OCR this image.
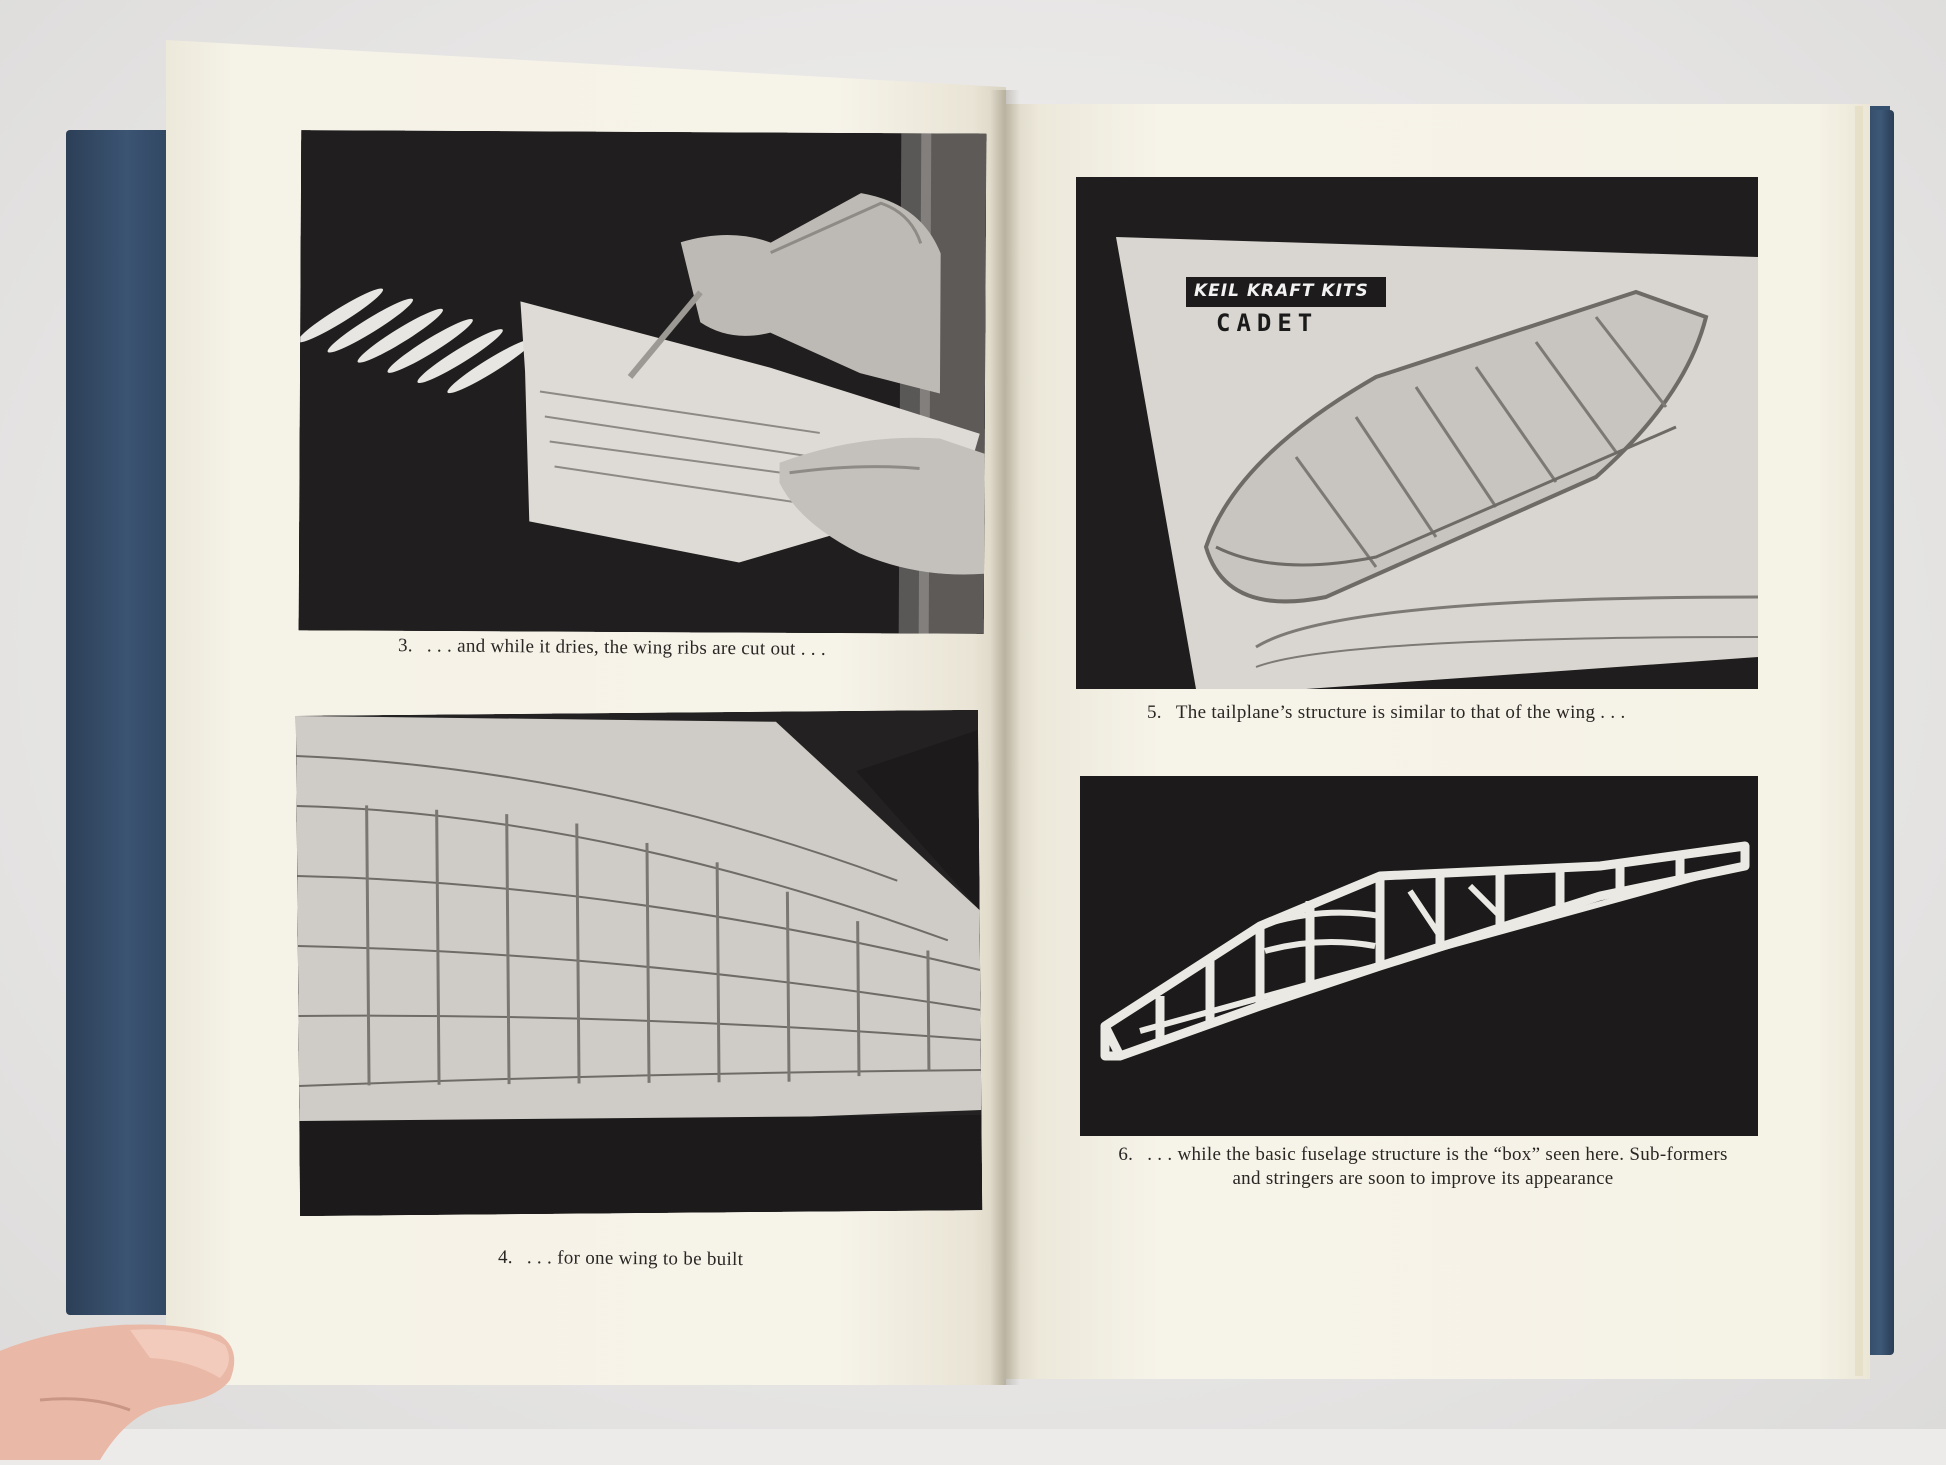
3. . . . and while it dries, the wing ribs are cut out . . .
4. . . . for one wing to be built
KEIL KRAFT KITS
CADET
5. The tailplane’s structure is similar to that of the wing . . .
6. . . . while the basic fuselage structure is the “box” seen here. Sub-formers
and stringers are soon to improve its appearance
